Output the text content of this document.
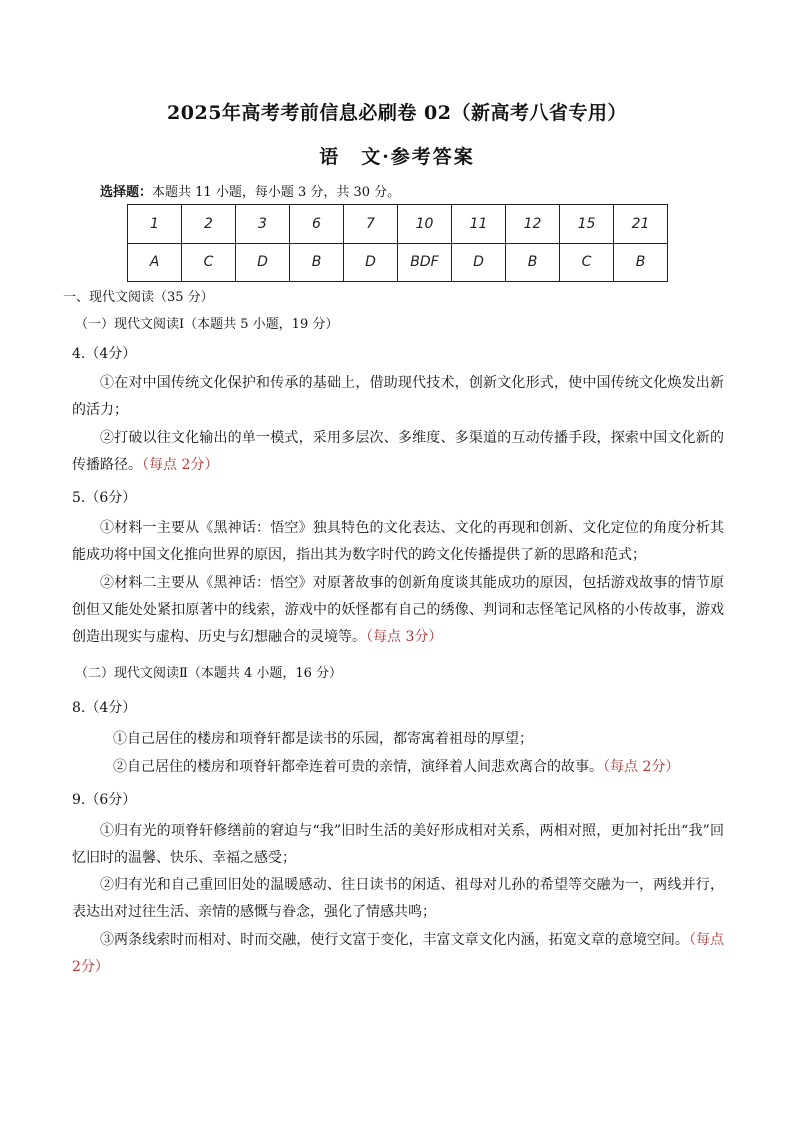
2025年高考考前信息必刷卷 02（新高考八省专用）
语　文·参考答案
选择题：本题共 11 小题，每小题 3 分，共 30 分。
1	2	3	6	7	10	11	12	15	21
A	C	D	B	D	BDF	D	B	C	B
一、现代文阅读（35 分）
（一）现代文阅读Ⅰ（本题共 5 小题，19 分）
4.（4分）
①在对中国传统文化保护和传承的基础上，借助现代技术，创新文化形式，使中国传统文化焕发出新的活力；
②打破以往文化输出的单一模式，采用多层次、多维度、多渠道的互动传播手段，探索中国文化新的传播路径。（每点 2分）
5.（6分）
①材料一主要从《黑神话：悟空》独具特色的文化表达、文化的再现和创新、文化定位的角度分析其能成功将中国文化推向世界的原因，指出其为数字时代的跨文化传播提供了新的思路和范式；
②材料二主要从《黑神话：悟空》对原著故事的创新角度谈其能成功的原因，包括游戏故事的情节原创但又能处处紧扣原著中的线索，游戏中的妖怪都有自己的绣像、判词和志怪笔记风格的小传故事，游戏创造出现实与虚构、历史与幻想融合的灵境等。（每点 3分）
（二）现代文阅读Ⅱ（本题共 4 小题，16 分）
8.（4分）
①自己居住的楼房和项脊轩都是读书的乐园，都寄寓着祖母的厚望；
②自己居住的楼房和项脊轩都牵连着可贵的亲情，演绎着人间悲欢离合的故事。（每点 2分）
9.（6分）
①归有光的项脊轩修缮前的窘迫与“我”旧时生活的美好形成相对关系，两相对照，更加衬托出“我”回忆旧时的温馨、快乐、幸福之感受；
②归有光和自己重回旧处的温暖感动、往日读书的闲适、祖母对儿孙的希望等交融为一，两线并行，表达出对过往生活、亲情的感慨与眷念，强化了情感共鸣；
③两条线索时而相对、时而交融，使行文富于变化，丰富文章文化内涵，拓宽文章的意境空间。（每点 2分）
